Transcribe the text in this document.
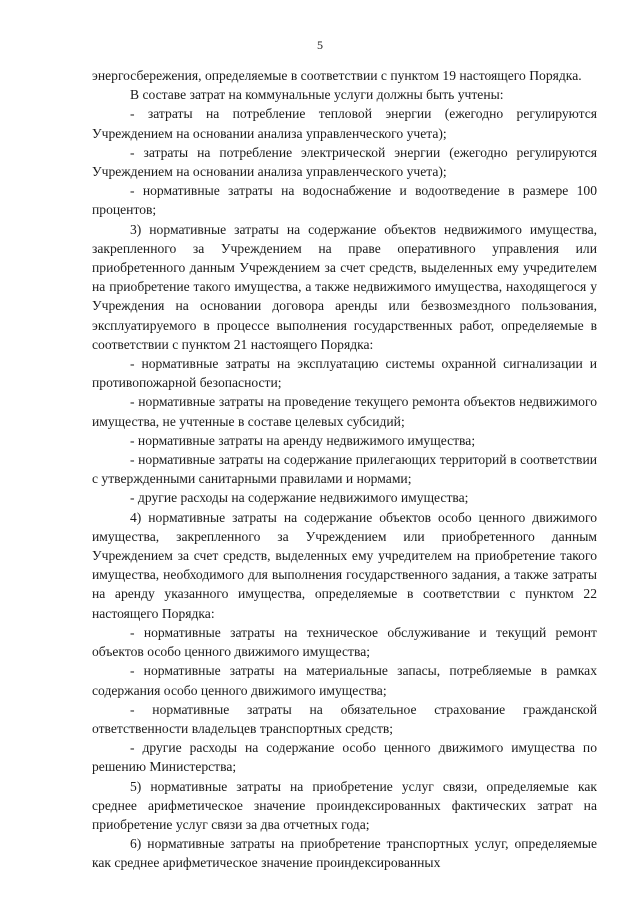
5

энергосбережения, определяемые в соответствии с пунктом 19 настоящего Порядка.

В составе затрат на коммунальные услуги должны быть учтены:

- затраты на потребление тепловой энергии (ежегодно регулируются Учреждением на основании анализа управленческого учета);

- затраты на потребление электрической энергии (ежегодно регулируются Учреждением на основании анализа управленческого учета);

- нормативные затраты на водоснабжение и водоотведение в размере 100 процентов;

3) нормативные затраты на содержание объектов недвижимого имущества, закрепленного за Учреждением на праве оперативного управления или приобретенного данным Учреждением за счет средств, выделенных ему учредителем на приобретение такого имущества, а также недвижимого имущества, находящегося у Учреждения на основании договора аренды или безвозмездного пользования, эксплуатируемого в процессе выполнения государственных работ, определяемые в соответствии с пунктом 21 настоящего Порядка:

- нормативные затраты на эксплуатацию системы охранной сигнализации и противопожарной безопасности;

- нормативные затраты на проведение текущего ремонта объектов недвижимого имущества, не учтенные в составе целевых субсидий;

- нормативные затраты на аренду недвижимого имущества;

- нормативные затраты на содержание прилегающих территорий в соответствии с утвержденными санитарными правилами и нормами;

- другие расходы на содержание недвижимого имущества;

4) нормативные затраты на содержание объектов особо ценного движимого имущества, закрепленного за Учреждением или приобретенного данным Учреждением за счет средств, выделенных ему учредителем на приобретение такого имущества, необходимого для выполнения государственного задания, а также затраты на аренду указанного имущества, определяемые в соответствии с пунктом 22 настоящего Порядка:

- нормативные затраты на техническое обслуживание и текущий ремонт объектов особо ценного движимого имущества;

- нормативные затраты на материальные запасы, потребляемые в рамках содержания особо ценного движимого имущества;

- нормативные затраты на обязательное страхование гражданской ответственности владельцев транспортных средств;

- другие расходы на содержание особо ценного движимого имущества по решению Министерства;

5) нормативные затраты на приобретение услуг связи, определяемые как среднее арифметическое значение проиндексированных фактических затрат на приобретение услуг связи за два отчетных года;

6) нормативные затраты на приобретение транспортных услуг, определяемые как среднее арифметическое значение проиндексированных
